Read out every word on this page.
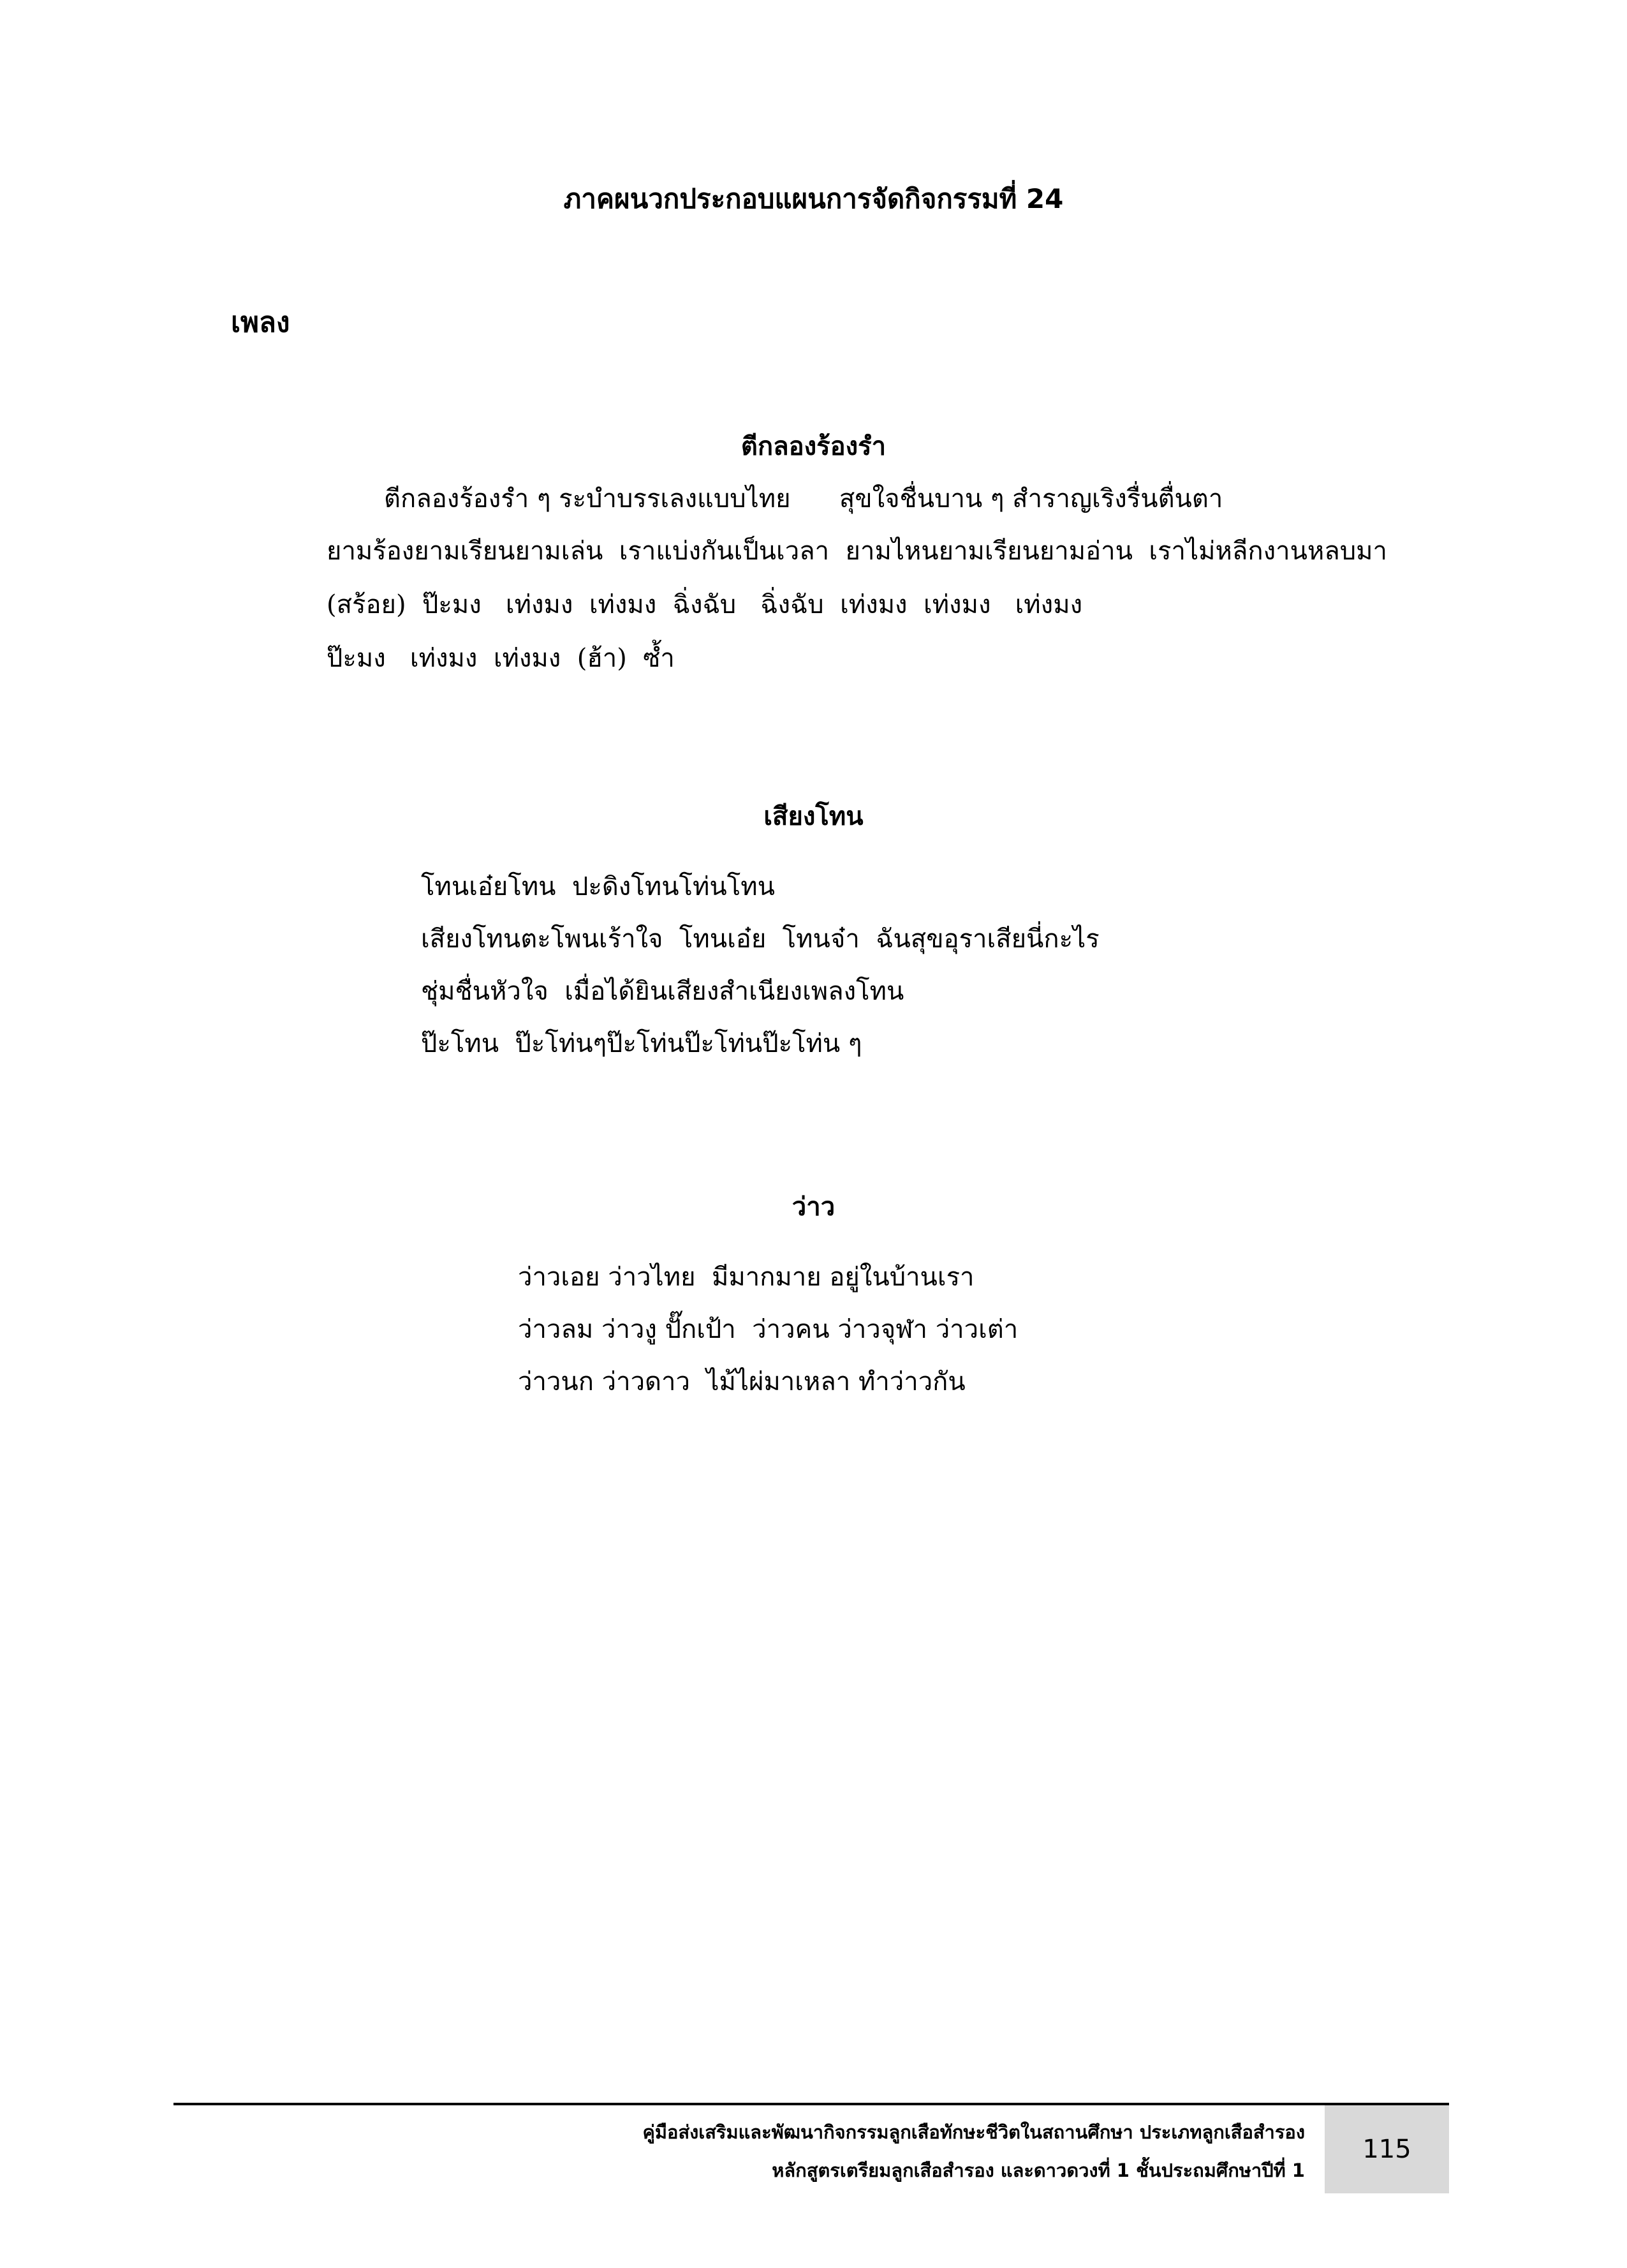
ภาคผนวกประกอบแผนการจัดกิจกรรมที่ 24
เพลง
ตีกลองร้องรำ
ตีกลองร้องรำ ๆ ระบำบรรเลงแบบไทย      สุขใจชื่นบาน ๆ สำราญเริงรื่นตื่นตา
ยามร้องยามเรียนยามเล่น  เราแบ่งกันเป็นเวลา  ยามไหนยามเรียนยามอ่าน  เราไม่หลีกงานหลบมา
(สร้อย)  ป๊ะมง   เท่งมง  เท่งมง  ฉิ่งฉับ   ฉิ่งฉับ  เท่งมง  เท่งมง   เท่งมง
ป๊ะมง   เท่งมง  เท่งมง  (ฮ้า)  ซ้ำ
เสียงโทน
โทนเอ๋ยโทน  ปะดิงโทนโท่นโทน
เสียงโทนตะโพนเร้าใจ  โทนเอ๋ย  โทนจ๋า  ฉันสุขอุราเสียนี่กะไร
ชุ่มชื่นหัวใจ  เมื่อได้ยินเสียงสำเนียงเพลงโทน
ป๊ะโทน  ป๊ะโท่นๆป๊ะโท่นป๊ะโท่นป๊ะโท่น ๆ
ว่าว
ว่าวเอย ว่าวไทย  มีมากมาย อยู่ในบ้านเรา
ว่าวลม ว่าวงู ปั๊กเป้า  ว่าวคน ว่าวจุฬา ว่าวเต่า
ว่าวนก ว่าวดาว  ไม้ไผ่มาเหลา ทำว่าวกัน
คู่มือส่งเสริมและพัฒนากิจกรรมลูกเสือทักษะชีวิตในสถานศึกษา ประเภทลูกเสือสำรอง
หลักสูตรเตรียมลูกเสือสำรอง และดาวดวงที่ 1 ชั้นประถมศึกษาปีที่ 1
115
